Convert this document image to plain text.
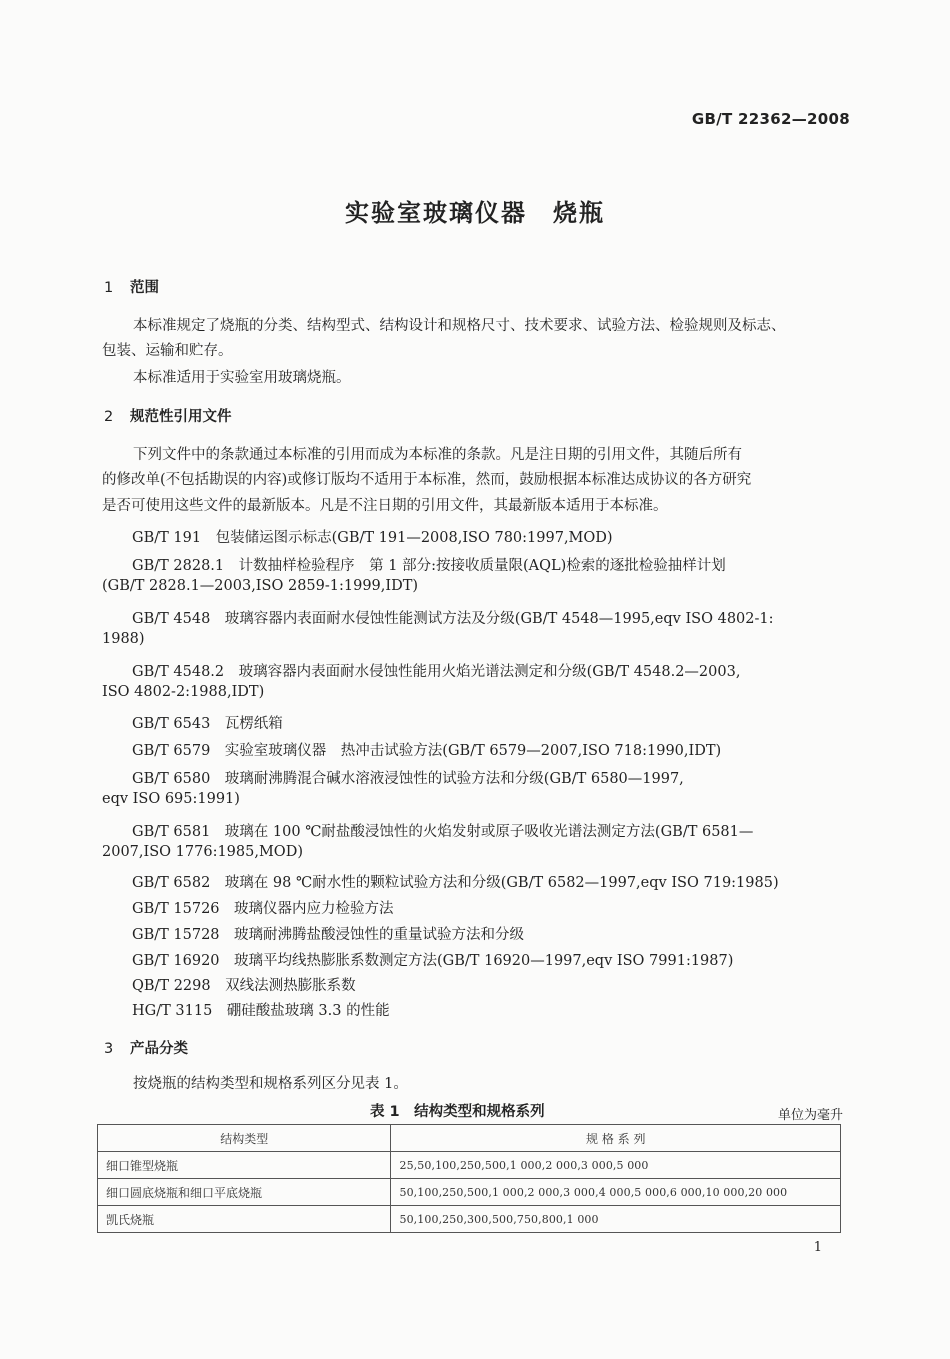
GB/T 22362—2008
实验室玻璃仪器　烧瓶
1 范围
本标准规定了烧瓶的分类、结构型式、结构设计和规格尺寸、技术要求、试验方法、检验规则及标志、
包装、运输和贮存。
本标准适用于实验室用玻璃烧瓶。
2 规范性引用文件
下列文件中的条款通过本标准的引用而成为本标准的条款。凡是注日期的引用文件，其随后所有
的修改单(不包括勘误的内容)或修订版均不适用于本标准，然而，鼓励根据本标准达成协议的各方研究
是否可使用这些文件的最新版本。凡是不注日期的引用文件，其最新版本适用于本标准。
GB/T 191　包装储运图示标志(GB/T 191—2008,ISO 780:1997,MOD)
GB/T 2828.1　计数抽样检验程序　第 1 部分:按接收质量限(AQL)检索的逐批检验抽样计划
(GB/T 2828.1—2003,ISO 2859-1:1999,IDT)
GB/T 4548　玻璃容器内表面耐水侵蚀性能测试方法及分级(GB/T 4548—1995,eqv ISO 4802-1:
1988)
GB/T 4548.2　玻璃容器内表面耐水侵蚀性能用火焰光谱法测定和分级(GB/T 4548.2—2003,
ISO 4802-2:1988,IDT)
GB/T 6543　瓦楞纸箱
GB/T 6579　实验室玻璃仪器　热冲击试验方法(GB/T 6579—2007,ISO 718:1990,IDT)
GB/T 6580　玻璃耐沸腾混合碱水溶液浸蚀性的试验方法和分级(GB/T 6580—1997,
eqv ISO 695:1991)
GB/T 6581　玻璃在 100 ℃耐盐酸浸蚀性的火焰发射或原子吸收光谱法测定方法(GB/T 6581—
2007,ISO 1776:1985,MOD)
GB/T 6582　玻璃在 98 ℃耐水性的颗粒试验方法和分级(GB/T 6582—1997,eqv ISO 719:1985)
GB/T 15726　玻璃仪器内应力检验方法
GB/T 15728　玻璃耐沸腾盐酸浸蚀性的重量试验方法和分级
GB/T 16920　玻璃平均线热膨胀系数测定方法(GB/T 16920—1997,eqv ISO 7991:1987)
QB/T 2298　双线法测热膨胀系数
HG/T 3115　硼硅酸盐玻璃 3.3 的性能
3 产品分类
按烧瓶的结构类型和规格系列区分见表 1。
表 1　结构类型和规格系列	单位为毫升
结构类型	规 格 系 列
细口锥型烧瓶	25,50,100,250,500,1 000,2 000,3 000,5 000
细口圆底烧瓶和细口平底烧瓶	50,100,250,500,1 000,2 000,3 000,4 000,5 000,6 000,10 000,20 000
凯氏烧瓶	50,100,250,300,500,750,800,1 000
1
